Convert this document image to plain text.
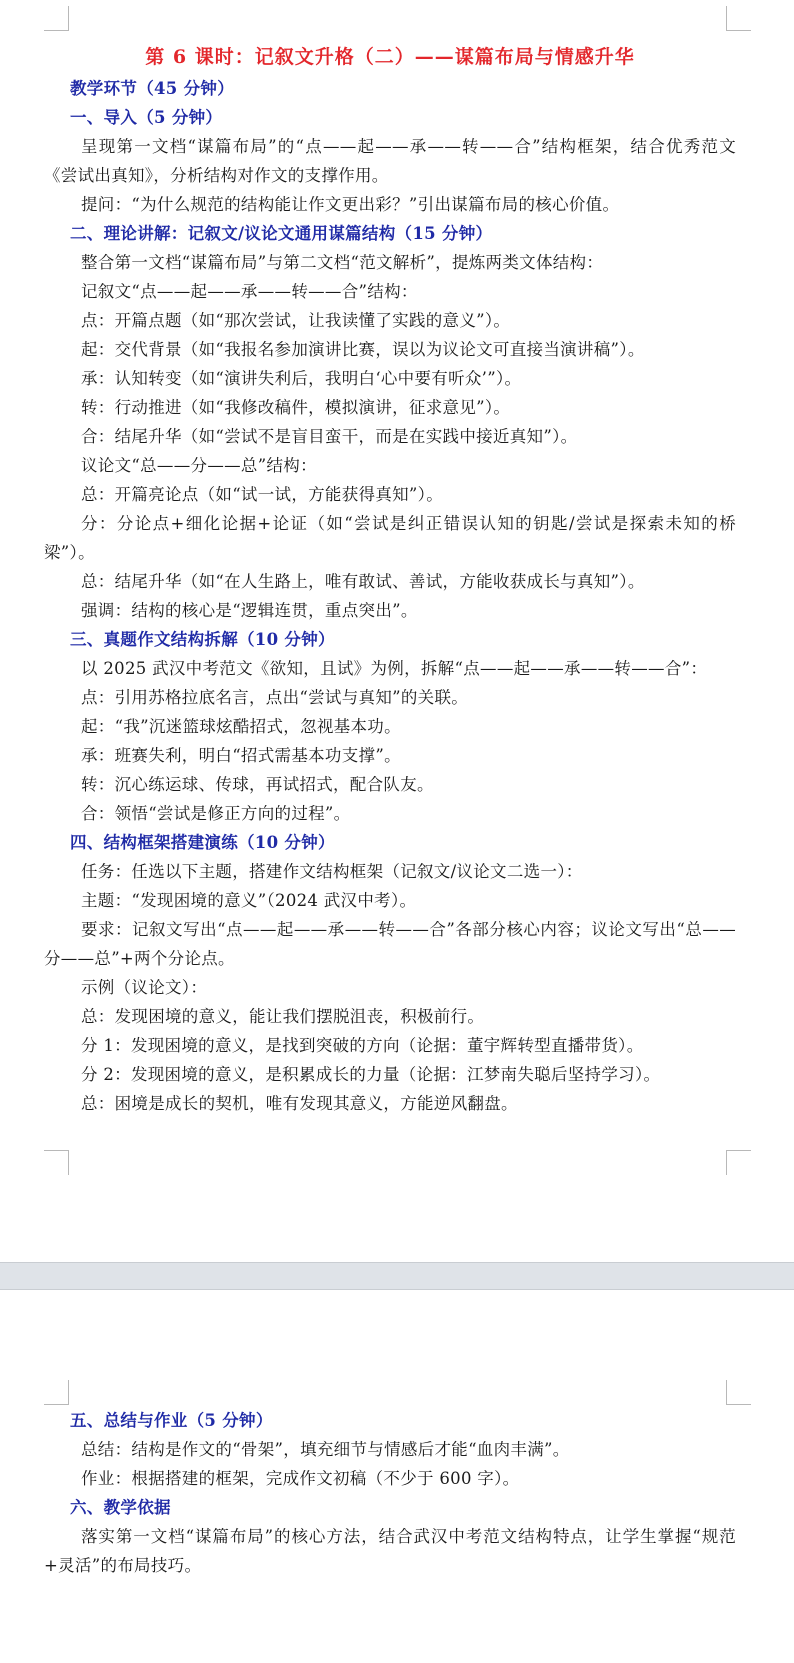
第 6 课时：记叙文升格（二）——谋篇布局与情感升华
教学环节（45 分钟）
一、导入（5 分钟）
呈现第一文档“谋篇布局”的“点——起——承——转——合”结构框架，结合优秀范文《尝试出真知》，分析结构对作文的支撑作用。
提问：“为什么规范的结构能让作文更出彩？”引出谋篇布局的核心价值。
二、理论讲解：记叙文/议论文通用谋篇结构（15 分钟）
整合第一文档“谋篇布局”与第二文档“范文解析”，提炼两类文体结构：
记叙文“点——起——承——转——合”结构：
点：开篇点题（如“那次尝试，让我读懂了实践的意义”）。
起：交代背景（如“我报名参加演讲比赛，误以为议论文可直接当演讲稿”）。
承：认知转变（如“演讲失利后，我明白‘心中要有听众’”）。
转：行动推进（如“我修改稿件，模拟演讲，征求意见”）。
合：结尾升华（如“尝试不是盲目蛮干，而是在实践中接近真知”）。
议论文“总——分——总”结构：
总：开篇亮论点（如“试一试，方能获得真知”）。
分：分论点+细化论据+论证（如“尝试是纠正错误认知的钥匙/尝试是探索未知的桥梁”）。
总：结尾升华（如“在人生路上，唯有敢试、善试，方能收获成长与真知”）。
强调：结构的核心是“逻辑连贯，重点突出”。
三、真题作文结构拆解（10 分钟）
以 2025 武汉中考范文《欲知，且试》为例，拆解“点——起——承——转——合”：
点：引用苏格拉底名言，点出“尝试与真知”的关联。
起：“我”沉迷篮球炫酷招式，忽视基本功。
承：班赛失利，明白“招式需基本功支撑”。
转：沉心练运球、传球，再试招式，配合队友。
合：领悟“尝试是修正方向的过程”。
四、结构框架搭建演练（10 分钟）
任务：任选以下主题，搭建作文结构框架（记叙文/议论文二选一）：
主题：“发现困境的意义”（2024 武汉中考）。
要求：记叙文写出“点——起——承——转——合”各部分核心内容；议论文写出“总——分——总”+两个分论点。
示例（议论文）：
总：发现困境的意义，能让我们摆脱沮丧，积极前行。
分 1：发现困境的意义，是找到突破的方向（论据：董宇辉转型直播带货）。
分 2：发现困境的意义，是积累成长的力量（论据：江梦南失聪后坚持学习）。
总：困境是成长的契机，唯有发现其意义，方能逆风翻盘。
五、总结与作业（5 分钟）
总结：结构是作文的“骨架”，填充细节与情感后才能“血肉丰满”。
作业：根据搭建的框架，完成作文初稿（不少于 600 字）。
六、教学依据
落实第一文档“谋篇布局”的核心方法，结合武汉中考范文结构特点，让学生掌握“规范+灵活”的布局技巧。
